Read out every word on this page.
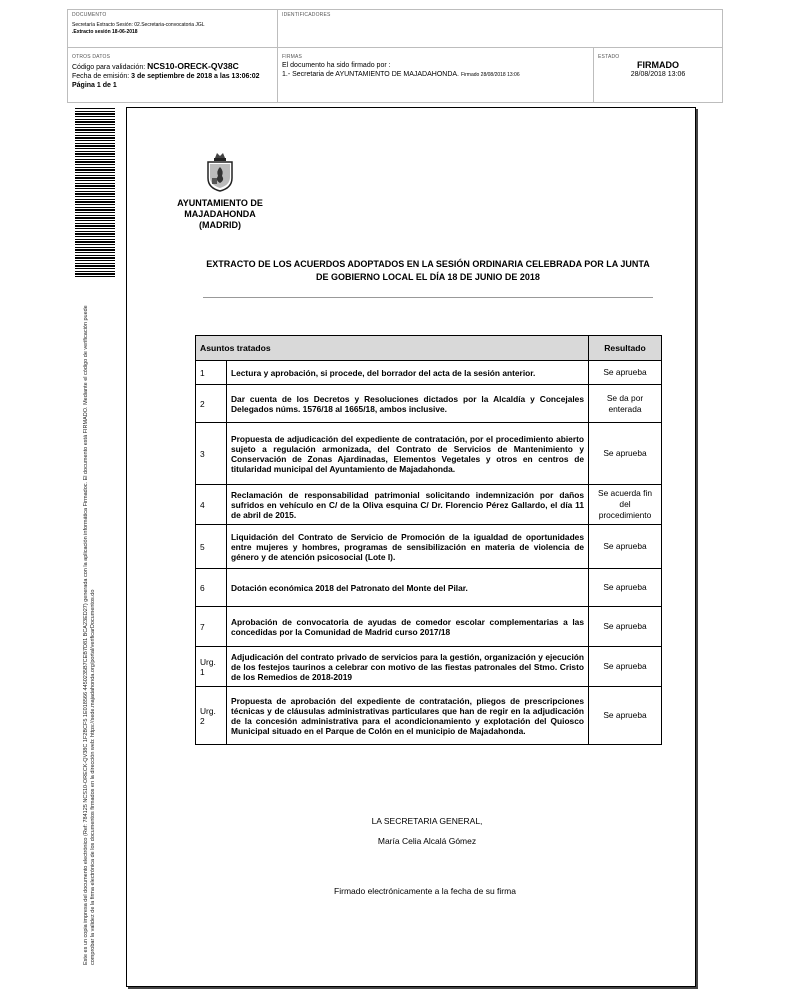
DOCUMENTO
Secretaría Extracto Sesión: 02.Secretaria-convocatoria JGL
.Extracto sesión 18-06-2018
IDENTIFICADORES
OTROS DATOS
Código para validación: NCS10-ORECK-QV38C
Fecha de emisión: 3 de septiembre de 2018 a las 13:06:02
Página 1 de 1
FIRMAS
El documento ha sido firmado por :
1.- Secretaria de AYUNTAMIENTO DE MAJADAHONDA. Firmado 28/08/2018 13:06
ESTADO
FIRMADO
28/08/2018 13:06
Este es un copia impresa del documento electrónico (Ref: 784125 NCS10-ORECK-QV38C 1F2BCF5 1E018566 4450235B7CEB7D81 BCA23ED27) generada con la aplicación informática Firmadoc. El documento está FIRMADO. Mediante el código de verificación puede comprobar la validez de la firma electrónica de los documentos firmados en la dirección web: https://sede.majadahonda.org/portal/verificarDocumentos.do
AYUNTAMIENTO DE
MAJADAHONDA
(MADRID)
EXTRACTO DE LOS ACUERDOS ADOPTADOS EN LA SESIÓN ORDINARIA CELEBRADA POR LA JUNTA DE GOBIERNO LOCAL EL DÍA 18 DE JUNIO DE 2018
Asuntos tratados		Resultado
1	Lectura y aprobación, si procede, del borrador del acta de la sesión anterior.	Se aprueba
2	Dar cuenta de los Decretos y Resoluciones dictados por la Alcaldía y Concejales Delegados núms. 1576/18 al 1665/18, ambos inclusive.	Se da por enterada
3	Propuesta de adjudicación del expediente de contratación, por el procedimiento abierto sujeto a regulación armonizada, del Contrato de Servicios de Mantenimiento y Conservación de Zonas Ajardinadas, Elementos Vegetales y otros en centros de titularidad municipal del Ayuntamiento de Majadahonda.	Se aprueba
4	Reclamación de responsabilidad patrimonial solicitando indemnización por daños sufridos en vehículo en C/ de la Oliva esquina C/ Dr. Florencio Pérez Gallardo, el día 11 de abril de 2015.	Se acuerda fin del procedimiento
5	Liquidación del Contrato de Servicio de Promoción de la igualdad de oportunidades entre mujeres y hombres, programas de sensibilización en materia de violencia de género y de atención psicosocial (Lote I).	Se aprueba
6	Dotación económica 2018 del Patronato del Monte del Pilar.	Se aprueba
7	Aprobación de convocatoria de ayudas de comedor escolar complementarias a las concedidas por la Comunidad de Madrid curso 2017/18	Se aprueba
Urg. 1	Adjudicación del contrato privado de servicios para la gestión, organización y ejecución de los festejos taurinos a celebrar con motivo de las fiestas patronales del Stmo. Cristo de los Remedios de 2018-2019	Se aprueba
Urg. 2	Propuesta de aprobación del expediente de contratación, pliegos de prescripciones técnicas y de cláusulas administrativas particulares que han de regir en la adjudicación de la concesión administrativa para el acondicionamiento y explotación del Quiosco Municipal situado en el Parque de Colón en el municipio de Majadahonda.	Se aprueba
LA SECRETARIA GENERAL,
María Celia Alcalá Gómez
Firmado electrónicamente a la fecha de su firma
